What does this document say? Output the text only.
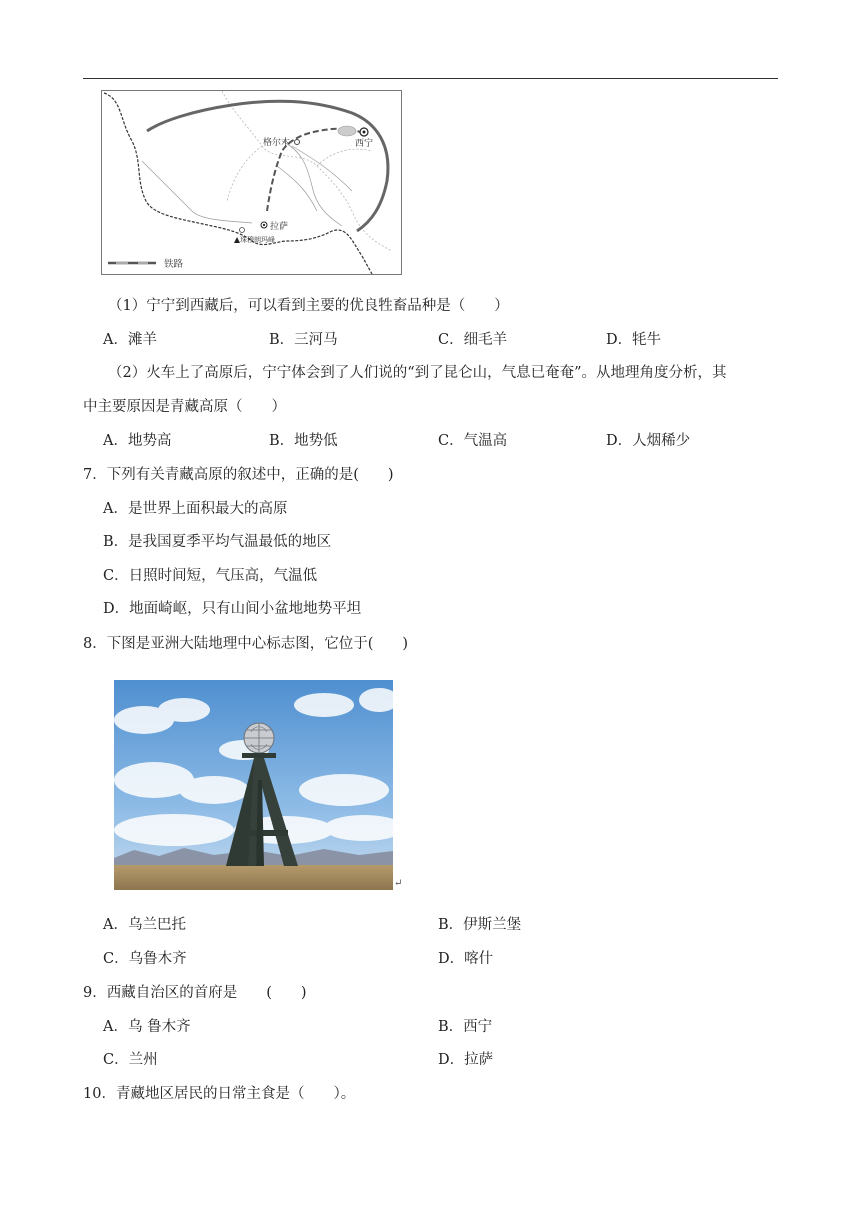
西宁
格尔木
拉萨
珠穆朗玛峰
铁路
（1）宁宁到西藏后，可以看到主要的优良牲畜品种是（　　）
A．滩羊	B．三河马	C．细毛羊	D．牦牛
（2）火车上了高原后，宁宁体会到了人们说的“到了昆仑山，气息已奄奄”。从地理角度分析，其
中主要原因是青藏高原（　　）
A．地势高	B．地势低	C．气温高	D．人烟稀少
7．下列有关青藏高原的叙述中，正确的是(　　)
A．是世界上面积最大的高原
B．是我国夏季平均气温最低的地区
C．日照时间短，气压高，气温低
D．地面崎岖，只有山间小盆地地势平坦
8．下图是亚洲大陆地理中心标志图，它位于(　　)
↵
A．乌兰巴托	B．伊斯兰堡
C．乌鲁木齐	D．喀什
9．西藏自治区的首府是　　(　　)
A．乌 鲁木齐	B．西宁
C．兰州	D．拉萨
10．青藏地区居民的日常主食是（　　）。
